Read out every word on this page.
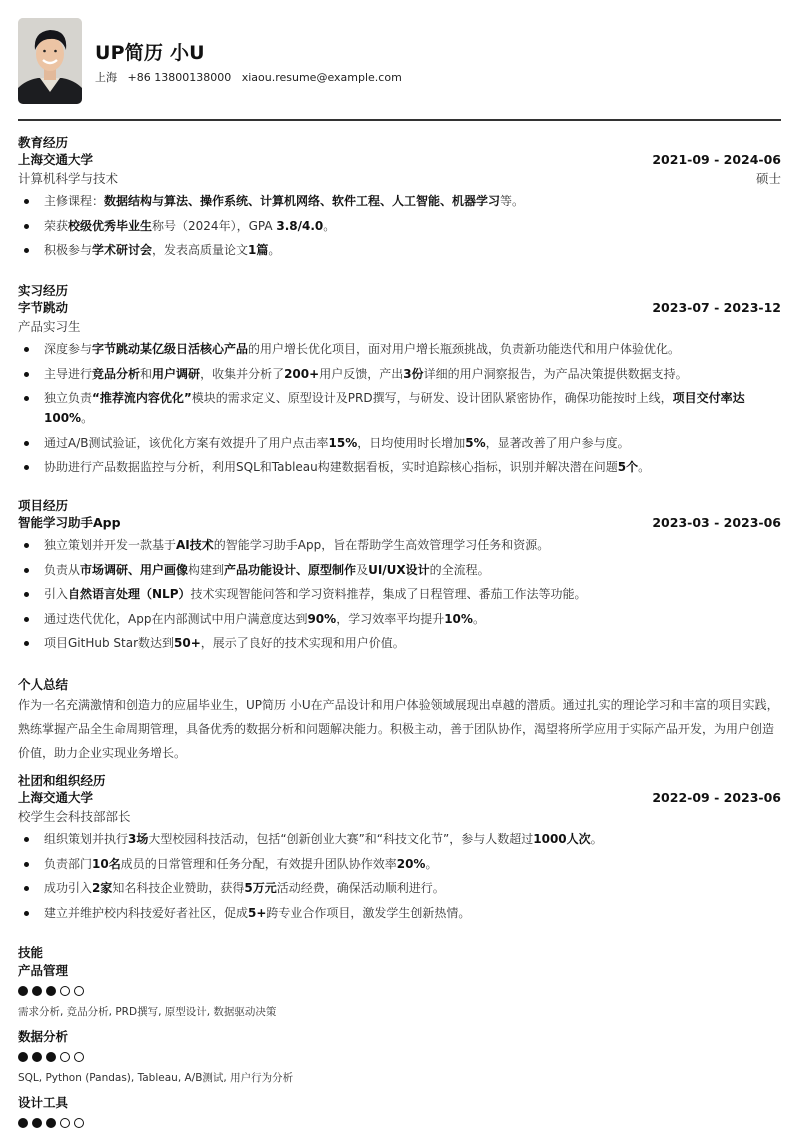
UP简历 小U
上海 +86 13800138000 xiaou.resume@example.com
教育经历
上海交通大学	2021-09 - 2024-06
计算机科学与技术	硕士
主修课程：数据结构与算法、操作系统、计算机网络、软件工程、人工智能、机器学习等。
荣获校级优秀毕业生称号（2024年），GPA 3.8/4.0。
积极参与学术研讨会，发表高质量论文1篇。
实习经历
字节跳动	2023-07 - 2023-12
产品实习生
深度参与字节跳动某亿级日活核心产品的用户增长优化项目，面对用户增长瓶颈挑战，负责新功能迭代和用户体验优化。
主导进行竞品分析和用户调研，收集并分析了200+用户反馈，产出3份详细的用户洞察报告，为产品决策提供数据支持。
独立负责“推荐流内容优化”模块的需求定义、原型设计及PRD撰写，与研发、设计团队紧密协作，确保功能按时上线，项目交付率达100%。
通过A/B测试验证，该优化方案有效提升了用户点击率15%，日均使用时长增加5%，显著改善了用户参与度。
协助进行产品数据监控与分析，利用SQL和Tableau构建数据看板，实时追踪核心指标，识别并解决潜在问题5个。
项目经历
智能学习助手App	2023-03 - 2023-06
独立策划并开发一款基于AI技术的智能学习助手App，旨在帮助学生高效管理学习任务和资源。
负责从市场调研、用户画像构建到产品功能设计、原型制作及UI/UX设计的全流程。
引入自然语言处理（NLP）技术实现智能问答和学习资料推荐，集成了日程管理、番茄工作法等功能。
通过迭代优化，App在内部测试中用户满意度达到90%，学习效率平均提升10%。
项目GitHub Star数达到50+，展示了良好的技术实现和用户价值。
个人总结
作为一名充满激情和创造力的应届毕业生，UP简历 小U在产品设计和用户体验领域展现出卓越的潜质。通过扎实的理论学习和丰富的项目实践，熟练掌握产品全生命周期管理，具备优秀的数据分析和问题解决能力。积极主动，善于团队协作，渴望将所学应用于实际产品开发，为用户创造价值，助力企业实现业务增长。
社团和组织经历
上海交通大学	2022-09 - 2023-06
校学生会科技部部长
组织策划并执行3场大型校园科技活动，包括“创新创业大赛”和“科技文化节”，参与人数超过1000人次。
负责部门10名成员的日常管理和任务分配，有效提升团队协作效率20%。
成功引入2家知名科技企业赞助，获得5万元活动经费，确保活动顺利进行。
建立并维护校内科技爱好者社区，促成5+跨专业合作项目，激发学生创新热情。
技能
产品管理
需求分析, 竞品分析, PRD撰写, 原型设计, 数据驱动决策
数据分析
SQL, Python (Pandas), Tableau, A/B测试, 用户行为分析
设计工具
